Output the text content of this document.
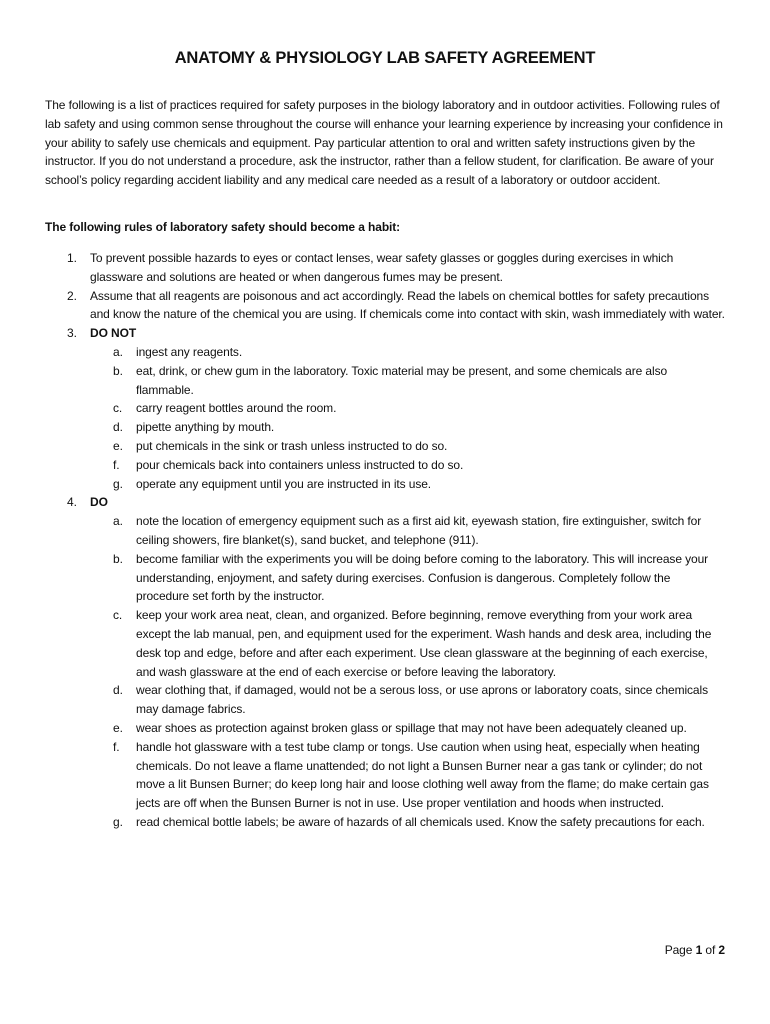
ANATOMY & PHYSIOLOGY LAB SAFETY AGREEMENT

The following is a list of practices required for safety purposes in the biology laboratory and in outdoor activities. Following rules of lab safety and using common sense throughout the course will enhance your learning experience by increasing your confidence in your ability to safely use chemicals and equipment. Pay particular attention to oral and written safety instructions given by the instructor. If you do not understand a procedure, ask the instructor, rather than a fellow student, for clarification. Be aware of your school’s policy regarding accident liability and any medical care needed as a result of a laboratory or outdoor accident.

The following rules of laboratory safety should become a habit:

1. To prevent possible hazards to eyes or contact lenses, wear safety glasses or goggles during exercises in which glassware and solutions are heated or when dangerous fumes may be present.
2. Assume that all reagents are poisonous and act accordingly. Read the labels on chemical bottles for safety precautions and know the nature of the chemical you are using. If chemicals come into contact with skin, wash immediately with water.
3. DO NOT
a. ingest any reagents.
b. eat, drink, or chew gum in the laboratory. Toxic material may be present, and some chemicals are also flammable.
c. carry reagent bottles around the room.
d. pipette anything by mouth.
e. put chemicals in the sink or trash unless instructed to do so.
f. pour chemicals back into containers unless instructed to do so.
g. operate any equipment until you are instructed in its use.
4. DO
a. note the location of emergency equipment such as a first aid kit, eyewash station, fire extinguisher, switch for ceiling showers, fire blanket(s), sand bucket, and telephone (911).
b. become familiar with the experiments you will be doing before coming to the laboratory. This will increase your understanding, enjoyment, and safety during exercises. Confusion is dangerous. Completely follow the procedure set forth by the instructor.
c. keep your work area neat, clean, and organized. Before beginning, remove everything from your work area except the lab manual, pen, and equipment used for the experiment. Wash hands and desk area, including the desk top and edge, before and after each experiment. Use clean glassware at the beginning of each exercise, and wash glassware at the end of each exercise or before leaving the laboratory.
d. wear clothing that, if damaged, would not be a serous loss, or use aprons or laboratory coats, since chemicals may damage fabrics.
e. wear shoes as protection against broken glass or spillage that may not have been adequately cleaned up.
f. handle hot glassware with a test tube clamp or tongs. Use caution when using heat, especially when heating chemicals. Do not leave a flame unattended; do not light a Bunsen Burner near a gas tank or cylinder; do not move a lit Bunsen Burner; do keep long hair and loose clothing well away from the flame; do make certain gas jects are off when the Bunsen Burner is not in use. Use proper ventilation and hoods when instructed.
g. read chemical bottle labels; be aware of hazards of all chemicals used. Know the safety precautions for each.
Page 1 of 2
